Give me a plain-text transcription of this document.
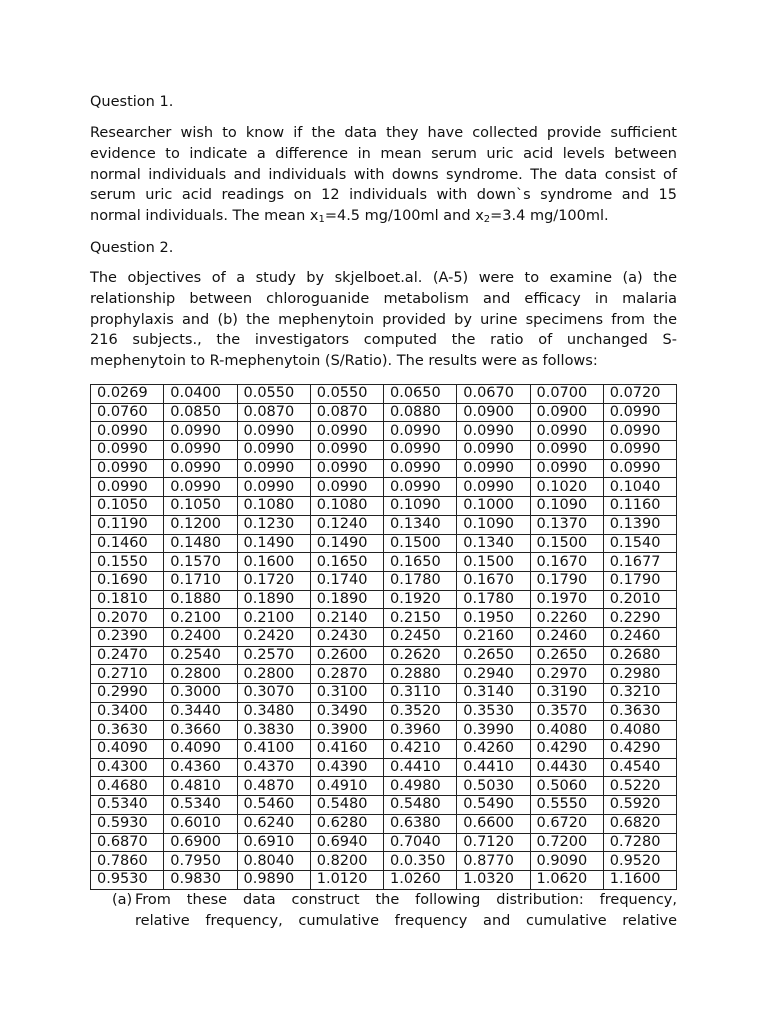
Question 1.
Researcher wish to know if the data they have collected provide sufficient
evidence to indicate a difference in mean serum uric acid levels between
normal individuals and individuals with downs syndrome. The data consist of
serum uric acid readings on 12 individuals with down`s syndrome and 15
normal individuals. The mean $x_1=4.5$ mg/100ml and $x_2=3.4$ mg/100ml.
Question 2.
The objectives of a study by skjelboet.al. (A-5) were to examine (a) the
relationship between chloroguanide metabolism and efficacy in malaria
prophylaxis and (b) the mephenytoin provided by urine specimens from the
216 subjects., the investigators computed the ratio of unchanged S-
mephenytoin to R-mephenytoin (S/Ratio). The results were as follows:
0.0269	0.0400	0.0550	0.0550	0.0650	0.0670	0.0700	0.0720
0.0760	0.0850	0.0870	0.0870	0.0880	0.0900	0.0900	0.0990
0.0990	0.0990	0.0990	0.0990	0.0990	0.0990	0.0990	0.0990
0.0990	0.0990	0.0990	0.0990	0.0990	0.0990	0.0990	0.0990
0.0990	0.0990	0.0990	0.0990	0.0990	0.0990	0.0990	0.0990
0.0990	0.0990	0.0990	0.0990	0.0990	0.0990	0.1020	0.1040
0.1050	0.1050	0.1080	0.1080	0.1090	0.1000	0.1090	0.1160
0.1190	0.1200	0.1230	0.1240	0.1340	0.1090	0.1370	0.1390
0.1460	0.1480	0.1490	0.1490	0.1500	0.1340	0.1500	0.1540
0.1550	0.1570	0.1600	0.1650	0.1650	0.1500	0.1670	0.1677
0.1690	0.1710	0.1720	0.1740	0.1780	0.1670	0.1790	0.1790
0.1810	0.1880	0.1890	0.1890	0.1920	0.1780	0.1970	0.2010
0.2070	0.2100	0.2100	0.2140	0.2150	0.1950	0.2260	0.2290
0.2390	0.2400	0.2420	0.2430	0.2450	0.2160	0.2460	0.2460
0.2470	0.2540	0.2570	0.2600	0.2620	0.2650	0.2650	0.2680
0.2710	0.2800	0.2800	0.2870	0.2880	0.2940	0.2970	0.2980
0.2990	0.3000	0.3070	0.3100	0.3110	0.3140	0.3190	0.3210
0.3400	0.3440	0.3480	0.3490	0.3520	0.3530	0.3570	0.3630
0.3630	0.3660	0.3830	0.3900	0.3960	0.3990	0.4080	0.4080
0.4090	0.4090	0.4100	0.4160	0.4210	0.4260	0.4290	0.4290
0.4300	0.4360	0.4370	0.4390	0.4410	0.4410	0.4430	0.4540
0.4680	0.4810	0.4870	0.4910	0.4980	0.5030	0.5060	0.5220
0.5340	0.5340	0.5460	0.5480	0.5480	0.5490	0.5550	0.5920
0.5930	0.6010	0.6240	0.6280	0.6380	0.6600	0.6720	0.6820
0.6870	0.6900	0.6910	0.6940	0.7040	0.7120	0.7200	0.7280
0.7860	0.7950	0.8040	0.8200	0.0.350	0.8770	0.9090	0.9520
0.9530	0.9830	0.9890	1.0120	1.0260	1.0320	1.0620	1.1600
(a) From these data construct the following distribution: frequency,
relative frequency, cumulative frequency and cumulative relative
